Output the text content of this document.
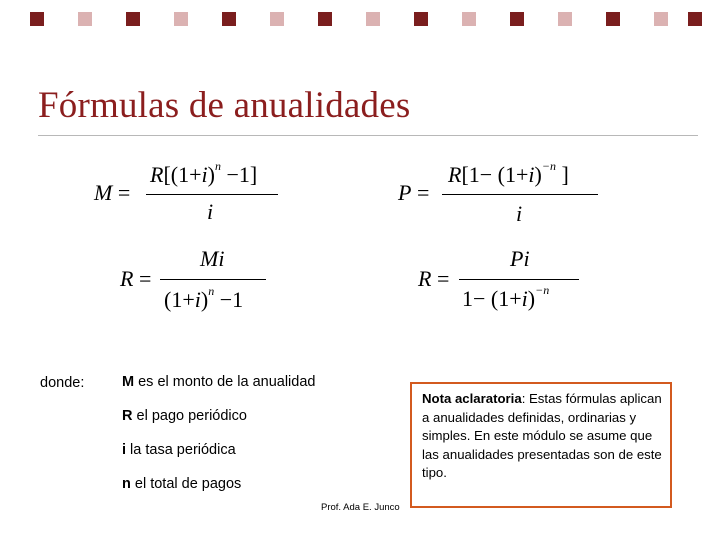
Fórmulas de anualidades
M =
$R[(1+i)^n -1]$
i
P =
$R[1- (1+i)^{-n}$ ]
i
R =
Mi
$(1+i)^n -1$
R =
Pi
$1- (1+i)^{-n}$
donde:	M es el monto de la anualidad
R el pago periódico
i la tasa periódica
n el total de pagos
Nota aclaratoria: Estas fórmulas aplican a anualidades definidas, ordinarias y simples. En este módulo se asume que las anualidades presentadas son de este tipo.
Prof. Ada E. Junco
